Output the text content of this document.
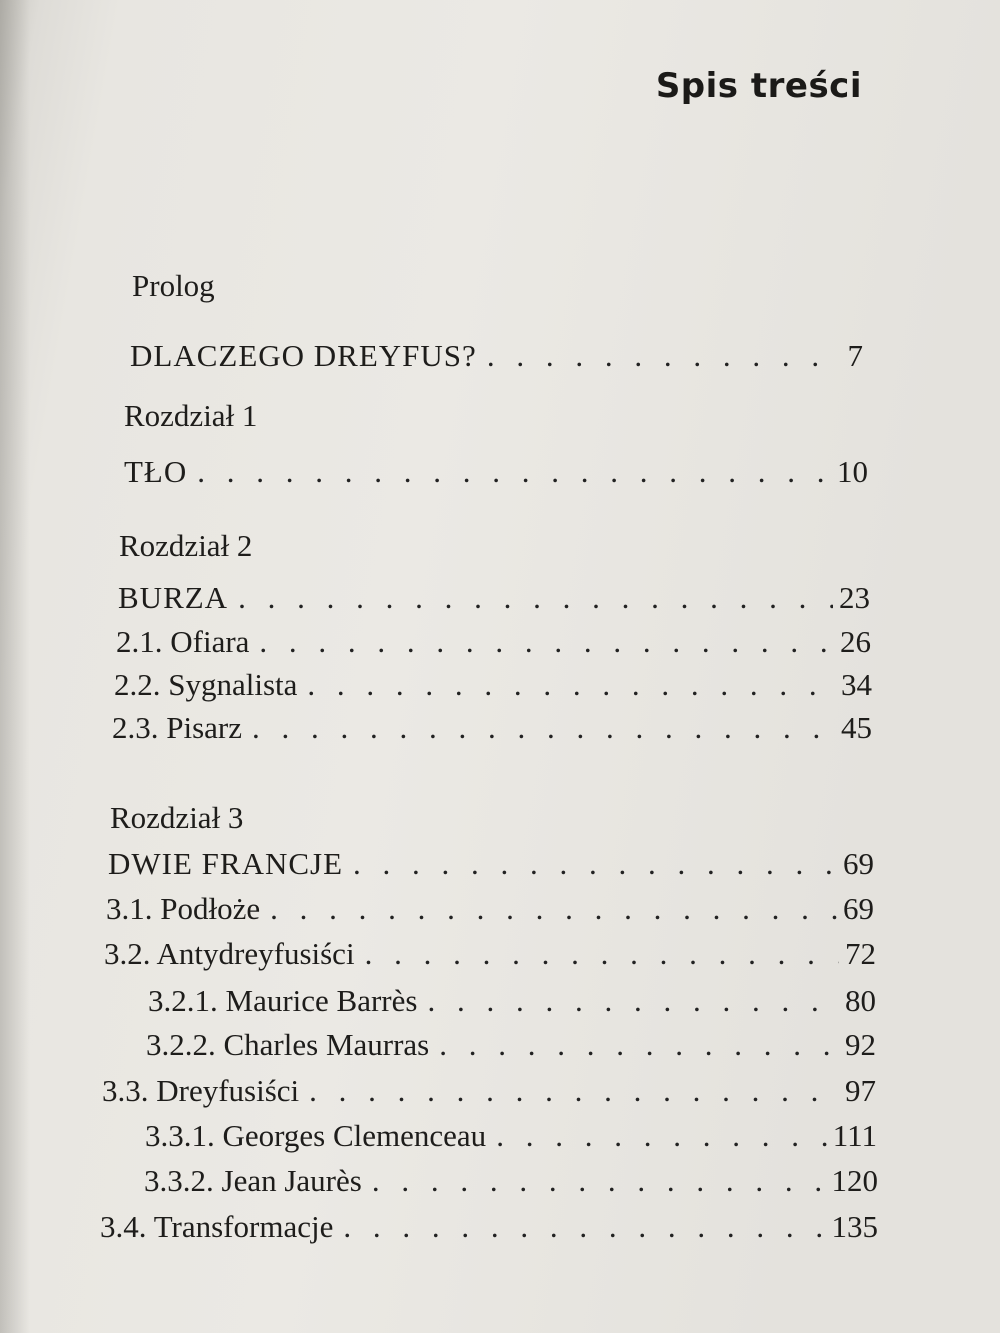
Spis treści
Prolog
DLACZEGO DREYFUS? . . .	7
Rozdział 1
TŁO . . .	10
Rozdział 2
BURZA . . .	23
2.1. Ofiara . . .	26
2.2. Sygnalista . . .	34
2.3. Pisarz . . .	45
Rozdział 3
DWIE FRANCJE . . .	69
3.1. Podłoże . . .	69
3.2. Antydreyfusiści . . .	72
3.2.1. Maurice Barrès . . .	80
3.2.2. Charles Maurras . . .	92
3.3. Dreyfusiści . . .	97
3.3.1. Georges Clemenceau . . .	111
3.3.2. Jean Jaurès . . .	120
3.4. Transformacje . . .	135
